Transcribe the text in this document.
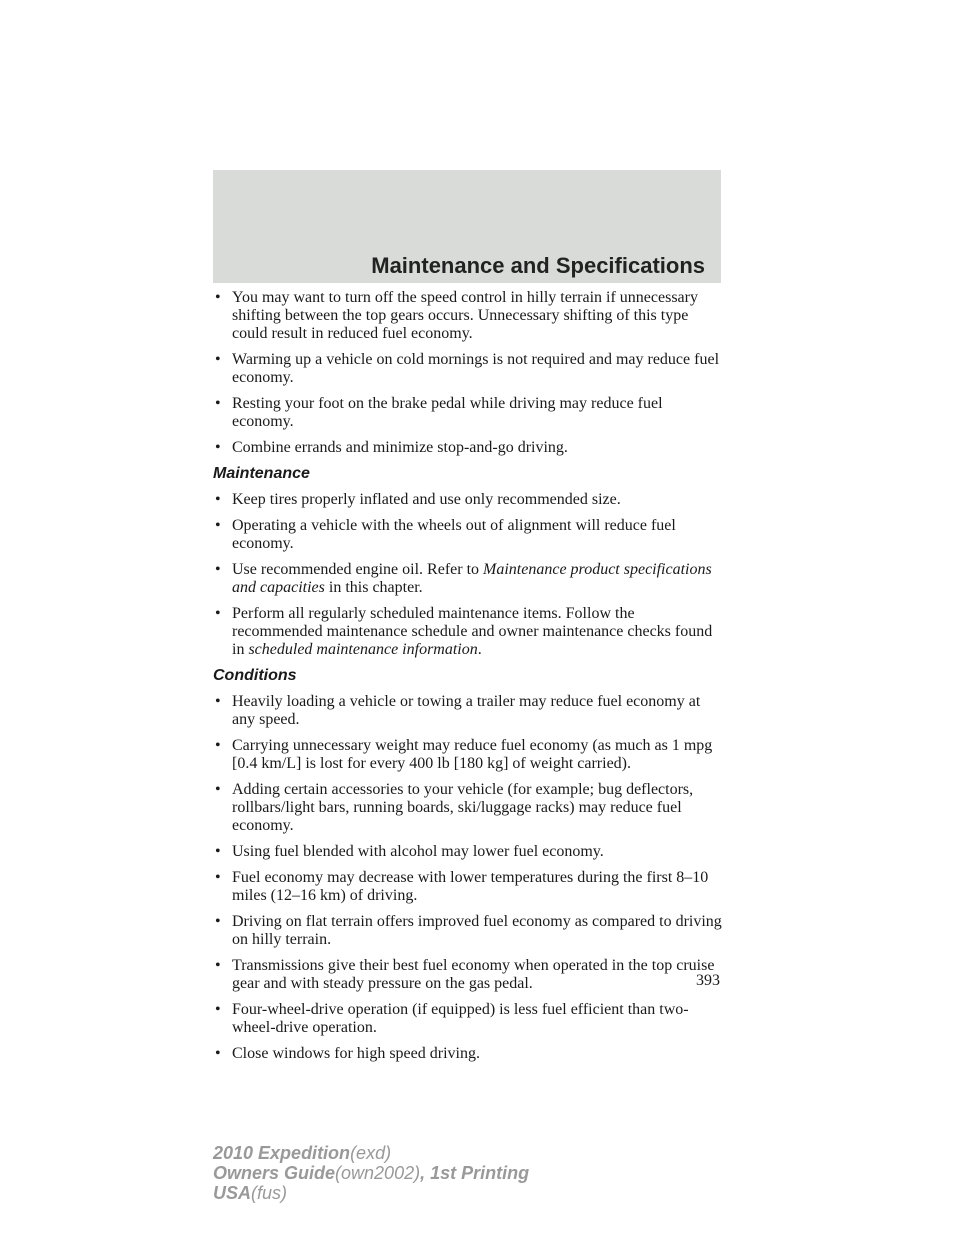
Maintenance and Specifications
• You may want to turn off the speed control in hilly terrain if unnecessary shifting between the top gears occurs. Unnecessary shifting of this type could result in reduced fuel economy.
• Warming up a vehicle on cold mornings is not required and may reduce fuel economy.
• Resting your foot on the brake pedal while driving may reduce fuel economy.
• Combine errands and minimize stop-and-go driving.
Maintenance
• Keep tires properly inflated and use only recommended size.
• Operating a vehicle with the wheels out of alignment will reduce fuel economy.
• Use recommended engine oil. Refer to Maintenance product specifications and capacities in this chapter.
• Perform all regularly scheduled maintenance items. Follow the recommended maintenance schedule and owner maintenance checks found in scheduled maintenance information.
Conditions
• Heavily loading a vehicle or towing a trailer may reduce fuel economy at any speed.
• Carrying unnecessary weight may reduce fuel economy (as much as 1 mpg [0.4 km/L] is lost for every 400 lb [180 kg] of weight carried).
• Adding certain accessories to your vehicle (for example; bug deflectors, rollbars/light bars, running boards, ski/luggage racks) may reduce fuel economy.
• Using fuel blended with alcohol may lower fuel economy.
• Fuel economy may decrease with lower temperatures during the first 8–10 miles (12–16 km) of driving.
• Driving on flat terrain offers improved fuel economy as compared to driving on hilly terrain.
• Transmissions give their best fuel economy when operated in the top cruise gear and with steady pressure on the gas pedal.
• Four-wheel-drive operation (if equipped) is less fuel efficient than two-wheel-drive operation.
• Close windows for high speed driving.
393
2010 Expedition(exd)
Owners Guide(own2002), 1st Printing
USA(fus)
